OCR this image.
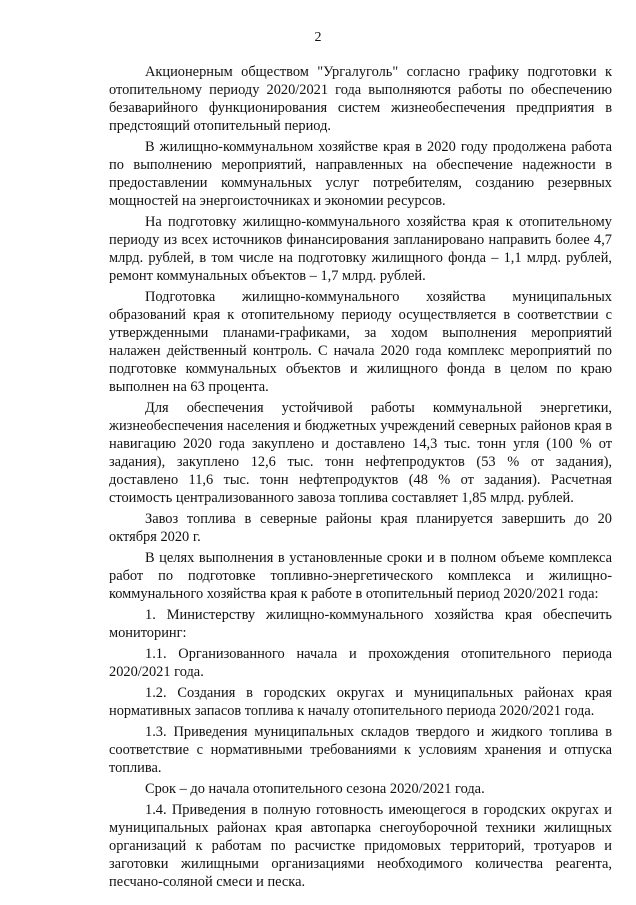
2

Акционерным обществом "Ургалуголь" согласно графику подготовки к отопительному периоду 2020/2021 года выполняются работы по обеспечению безаварийного функционирования систем жизнеобеспечения предприятия в предстоящий отопительный период.

В жилищно-коммунальном хозяйстве края в 2020 году продолжена работа по выполнению мероприятий, направленных на обеспечение надежности в предоставлении коммунальных услуг потребителям, созданию резервных мощностей на энергоисточниках и экономии ресурсов.

На подготовку жилищно-коммунального хозяйства края к отопительному периоду из всех источников финансирования запланировано направить более 4,7 млрд. рублей, в том числе на подготовку жилищного фонда – 1,1 млрд. рублей, ремонт коммунальных объектов – 1,7 млрд. рублей.

Подготовка жилищно-коммунального хозяйства муниципальных образований края к отопительному периоду осуществляется в соответствии с утвержденными планами-графиками, за ходом выполнения мероприятий налажен действенный контроль. С начала 2020 года комплекс мероприятий по подготовке коммунальных объектов и жилищного фонда в целом по краю выполнен на 63 процента.

Для обеспечения устойчивой работы коммунальной энергетики, жизнеобеспечения населения и бюджетных учреждений северных районов края в навигацию 2020 года закуплено и доставлено 14,3 тыс. тонн угля (100 % от задания), закуплено 12,6 тыс. тонн нефтепродуктов (53 % от задания), доставлено 11,6 тыс. тонн нефтепродуктов (48 % от задания). Расчетная стоимость централизованного завоза топлива составляет 1,85 млрд. рублей.

Завоз топлива в северные районы края планируется завершить до 20 октября 2020 г.

В целях выполнения в установленные сроки и в полном объеме комплекса работ по подготовке топливно-энергетического комплекса и жилищно-коммунального хозяйства края к работе в отопительный период 2020/2021 года:

1. Министерству жилищно-коммунального хозяйства края обеспечить мониторинг:

1.1. Организованного начала и прохождения отопительного периода 2020/2021 года.

1.2. Создания в городских округах и муниципальных районах края нормативных запасов топлива к началу отопительного периода 2020/2021 года.

1.3. Приведения муниципальных складов твердого и жидкого топлива в соответствие с нормативными требованиями к условиям хранения и отпуска топлива.

Срок – до начала отопительного сезона 2020/2021 года.

1.4. Приведения в полную готовность имеющегося в городских округах и муниципальных районах края автопарка снегоуборочной техники жилищных организаций к работам по расчистке придомовых территорий, тротуаров и заготовки жилищными организациями необходимого количества реагента, песчано-соляной смеси и песка.
